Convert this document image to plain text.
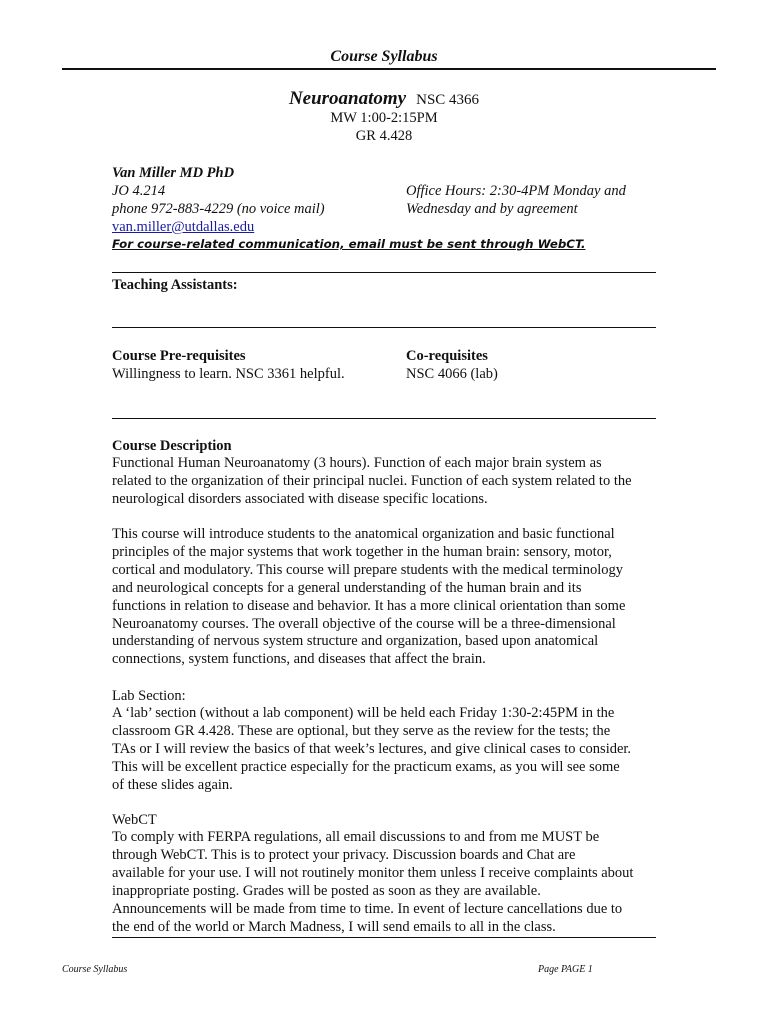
Course Syllabus
Neuroanatomy NSC 4366
MW 1:00-2:15PM
GR 4.428
Van Miller MD PhD
JO 4.214
phone 972-883-4229 (no voice mail)
van.miller@utdallas.edu
Office Hours: 2:30-4PM Monday and
Wednesday and by agreement
For course-related communication, email must be sent through WebCT.
Teaching Assistants:
Course Pre-requisites
Willingness to learn. NSC 3361 helpful.
Co-requisites
NSC 4066 (lab)
Course Description
Functional Human Neuroanatomy (3 hours). Function of each major brain system as
related to the organization of their principal nuclei. Function of each system related to the
neurological disorders associated with disease specific locations.
This course will introduce students to the anatomical organization and basic functional
principles of the major systems that work together in the human brain: sensory, motor,
cortical and modulatory. This course will prepare students with the medical terminology
and neurological concepts for a general understanding of the human brain and its
functions in relation to disease and behavior. It has a more clinical orientation than some
Neuroanatomy courses. The overall objective of the course will be a three-dimensional
understanding of nervous system structure and organization, based upon anatomical
connections, system functions, and diseases that affect the brain.
Lab Section:
A ‘lab’ section (without a lab component) will be held each Friday 1:30-2:45PM in the
classroom GR 4.428. These are optional, but they serve as the review for the tests; the
TAs or I will review the basics of that week’s lectures, and give clinical cases to consider.
This will be excellent practice especially for the practicum exams, as you will see some
of these slides again.
WebCT
To comply with FERPA regulations, all email discussions to and from me MUST be
through WebCT. This is to protect your privacy. Discussion boards and Chat are
available for your use. I will not routinely monitor them unless I receive complaints about
inappropriate posting. Grades will be posted as soon as they are available.
Announcements will be made from time to time. In event of lecture cancellations due to
the end of the world or March Madness, I will send emails to all in the class.
Course Syllabus	Page PAGE 1
